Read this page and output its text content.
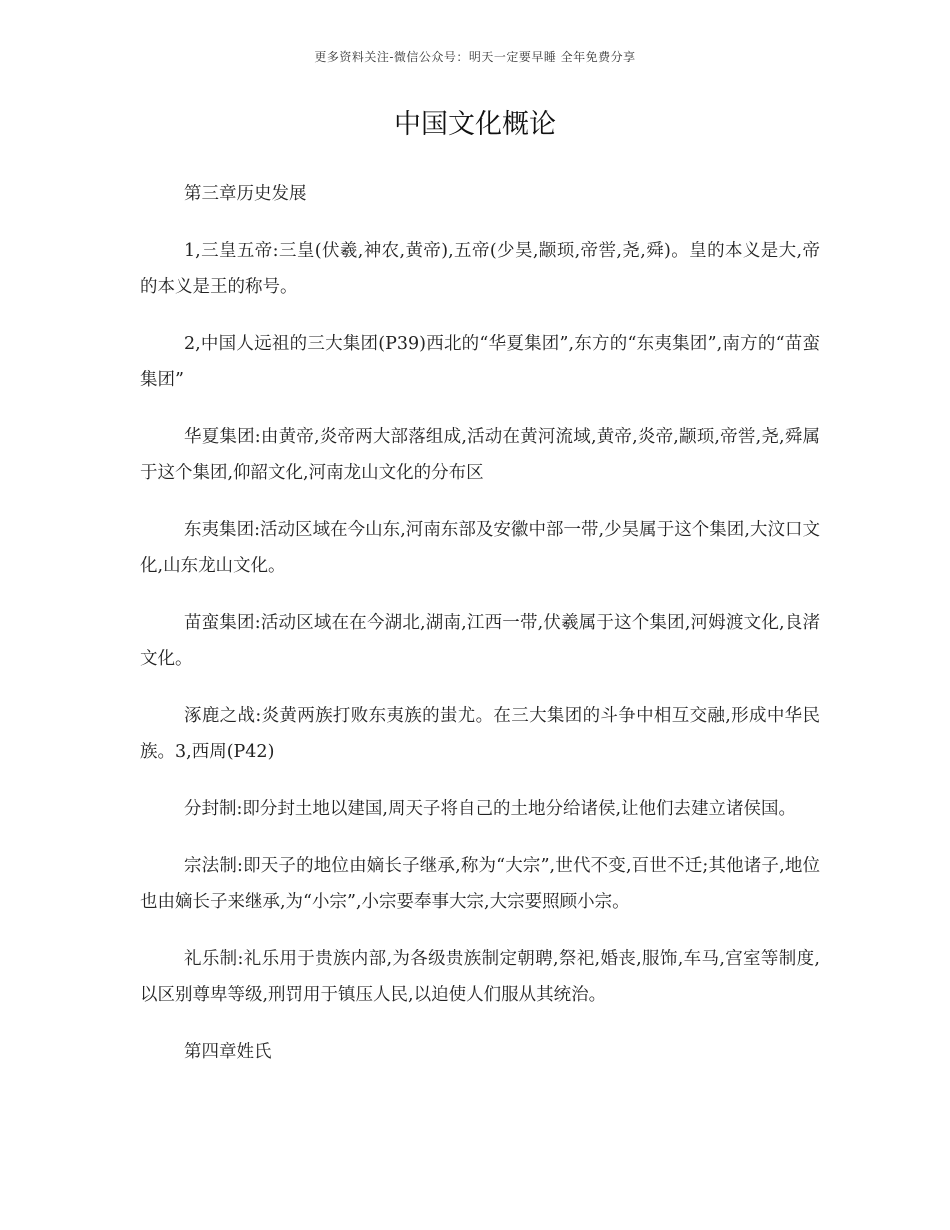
更多资料关注-微信公众号：明天一定要早睡 全年免费分享
中国文化概论

第三章历史发展

1,三皇五帝:三皇(伏羲,神农,黄帝),五帝(少昊,颛顼,帝喾,尧,舜)。皇的本义是大,帝的本义是王的称号。

2,中国人远祖的三大集团(P39)西北的“华夏集团”,东方的“东夷集团”,南方的“苗蛮集团”

华夏集团:由黄帝,炎帝两大部落组成,活动在黄河流域,黄帝,炎帝,颛顼,帝喾,尧,舜属于这个集团,仰韶文化,河南龙山文化的分布区

东夷集团:活动区域在今山东,河南东部及安徽中部一带,少昊属于这个集团,大汶口文化,山东龙山文化。

苗蛮集团:活动区域在在今湖北,湖南,江西一带,伏羲属于这个集团,河姆渡文化,良渚文化。

涿鹿之战:炎黄两族打败东夷族的蚩尤。在三大集团的斗争中相互交融,形成中华民族。3,西周(P42)

分封制:即分封土地以建国,周天子将自己的土地分给诸侯,让他们去建立诸侯国。

宗法制:即天子的地位由嫡长子继承,称为“大宗”,世代不变,百世不迁;其他诸子,地位也由嫡长子来继承,为“小宗”,小宗要奉事大宗,大宗要照顾小宗。

礼乐制:礼乐用于贵族内部,为各级贵族制定朝聘,祭祀,婚丧,服饰,车马,宫室等制度,以区别尊卑等级,刑罚用于镇压人民,以迫使人们服从其统治。

第四章姓氏
